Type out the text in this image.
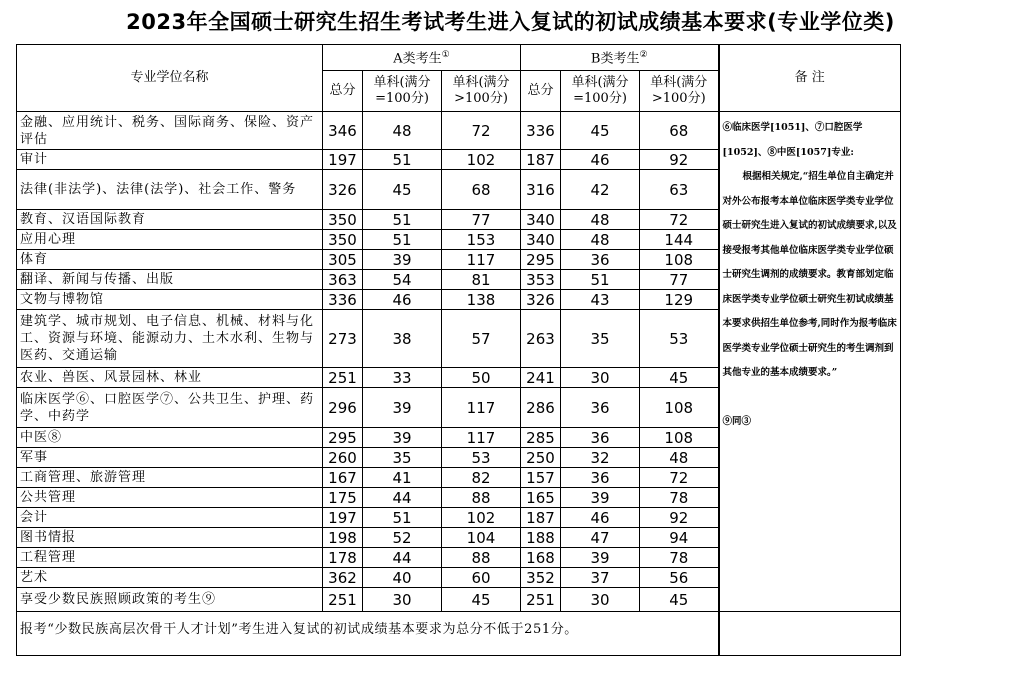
2023年全国硕士研究生招生考试考生进入复试的初试成绩基本要求(专业学位类)
专业学位名称	A类考生①			B类考生②			备 注
	总分	单科(满分=100分)	单科(满分>100分)	总分	单科(满分=100分)	单科(满分>100分)	
金融、应用统计、税务、国际商务、保险、资产评估	346	48	72	336	45	68	⑥临床医学[1051]、⑦口腔医学[1052]、⑧中医[1057]专业:

根据相关规定,“招生单位自主确定并对外公布报考本单位临床医学类专业学位硕士研究生进入复试的初试成绩要求,以及接受报考其他单位临床医学类专业学位硕士研究生调剂的成绩要求。教育部划定临床医学类专业学位硕士研究生初试成绩基本要求供招生单位参考,同时作为报考临床医学类专业学位硕士研究生的考生调剂到其他专业的基本成绩要求。”

⑨同③

审计	197	51	102	187	46	92	
法律(非法学)、法律(法学)、社会工作、警务	326	45	68	316	42	63	
教育、汉语国际教育	350	51	77	340	48	72	
应用心理	350	51	153	340	48	144	
体育	305	39	117	295	36	108	
翻译、新闻与传播、出版	363	54	81	353	51	77	
文物与博物馆	336	46	138	326	43	129	
建筑学、城市规划、电子信息、机械、材料与化工、资源与环境、能源动力、土木水利、生物与医药、交通运输	273	38	57	263	35	53	
农业、兽医、风景园林、林业	251	33	50	241	30	45	
临床医学⑥、口腔医学⑦、公共卫生、护理、药学、中药学	296	39	117	286	36	108	
中医⑧	295	39	117	285	36	108	
军事	260	35	53	250	32	48	
工商管理、旅游管理	167	41	82	157	36	72	
公共管理	175	44	88	165	39	78	
会计	197	51	102	187	46	92	
图书情报	198	52	104	188	47	94	
工程管理	178	44	88	168	39	78	
艺术	362	40	60	352	37	56	
享受少数民族照顾政策的考生⑨	251	30	45	251	30	45	
报考“少数民族高层次骨干人才计划”考生进入复试的初试成绩基本要求为总分不低于251分。							
